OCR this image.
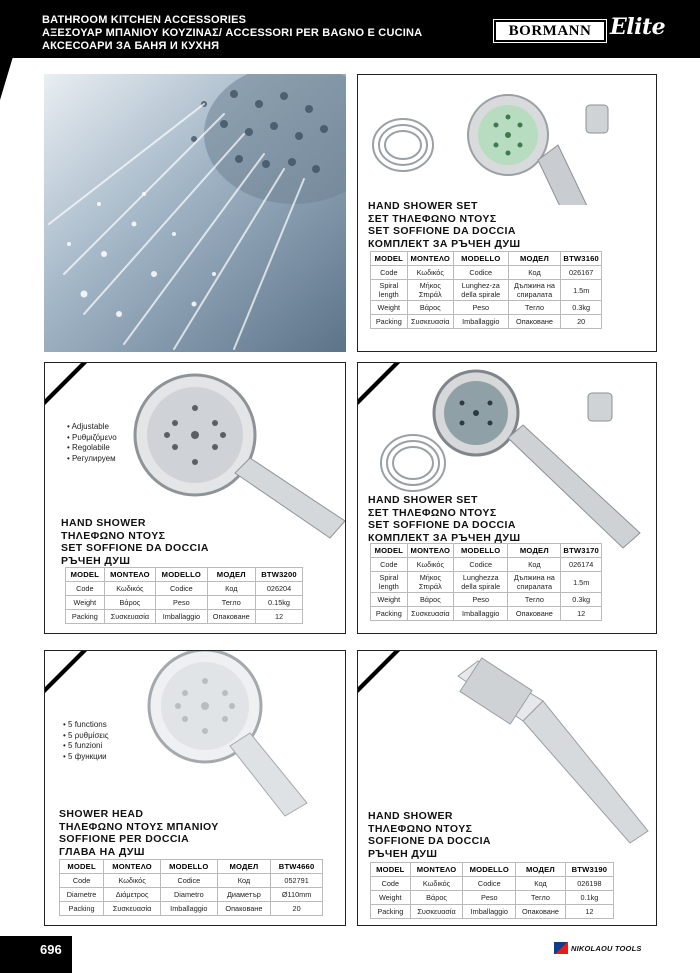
BATHROOM KITCHEN ACCESSORIES
ΑΞΕΣΟΥΑΡ ΜΠΑΝΙΟΥ ΚΟΥΖΙΝΑΣ/ ACCESSORI PER BAGNO E CUCINA
АКСЕСОАРИ ЗА БАНЯ И КУХНЯ
BORMANN Elite
HAND SHOWER SET
ΣΕΤ ΤΗΛΕΦΩΝΟ ΝΤΟΥΣ
SET SOFFIONE DA DOCCIA
КОМПЛЕКТ ЗА РЪЧЕН ДУШ
MODEL	ΜΟΝΤΕΛΟ	MODELLO	МОДЕЛ	BTW3160
Code	Κωδικός	Codice	Код	026167
Spiral length	Μήκος Σπιράλ	Lunghez-za della spirale	Дължина на спиралата	1.5m
Weight	Βάρος	Peso	Тегло	0.3kg
Packing	Συσκευασία	Imballaggio	Опаковане	20
• Adjustable
• Ρυθμιζόμενο
• Regolabile
• Регулируем
HAND SHOWER
ΤΗΛΕΦΩΝΟ ΝΤΟΥΣ
SET SOFFIONE DA DOCCIA
РЪЧЕН ДУШ
MODEL	ΜΟΝΤΕΛΟ	MODELLO	МОДЕЛ	BTW3200
Code	Κωδικός	Codice	Код	026204
Weight	Βάρος	Peso	Тегло	0.15kg
Packing	Συσκευασία	Imballaggio	Опаковане	12
HAND SHOWER SET
ΣΕΤ ΤΗΛΕΦΩΝΟ ΝΤΟΥΣ
SET SOFFIONE DA DOCCIA
КОМПЛЕКТ ЗА РЪЧЕН ДУШ
MODEL	ΜΟΝΤΕΛΟ	MODELLO	МОДЕЛ	BTW3170
Code	Κωδικός	Codice	Код	026174
Spiral length	Μήκος Σπιράλ	Lunghezza della spirale	Дължина на спиралата	1.5m
Weight	Βάρος	Peso	Тегло	0.3kg
Packing	Συσκευασία	Imballaggio	Опаковане	12
• 5 functions
• 5 ρυθμίσεις
• 5 funzioni
• 5 функции
SHOWER HEAD
ΤΗΛΕΦΩΝΟ ΝΤΟΥΣ ΜΠΑΝΙΟΥ
SOFFIONE PER DOCCIA
ГЛАВА НА ДУШ
MODEL	ΜΟΝΤΕΛΟ	MODELLO	МОДЕЛ	BTW4660
Code	Κωδικός	Codice	Код	052791
Diametre	Διάμετρος	Diametro	Диаметър	Ø110mm
Packing	Συσκευασία	Imballaggio	Опаковане	20
HAND SHOWER
ΤΗΛΕΦΩΝΟ ΝΤΟΥΣ
SOFFIONE DA DOCCIA
РЪЧЕН ДУШ
MODEL	ΜΟΝΤΕΛΟ	MODELLO	МОДЕЛ	BTW3190
Code	Κωδικός	Codice	Код	026198
Weight	Βάρος	Peso	Тегло	0.1kg
Packing	Συσκευασία	Imballaggio	Опаковане	12
696	NIKOLAOU TOOLS
